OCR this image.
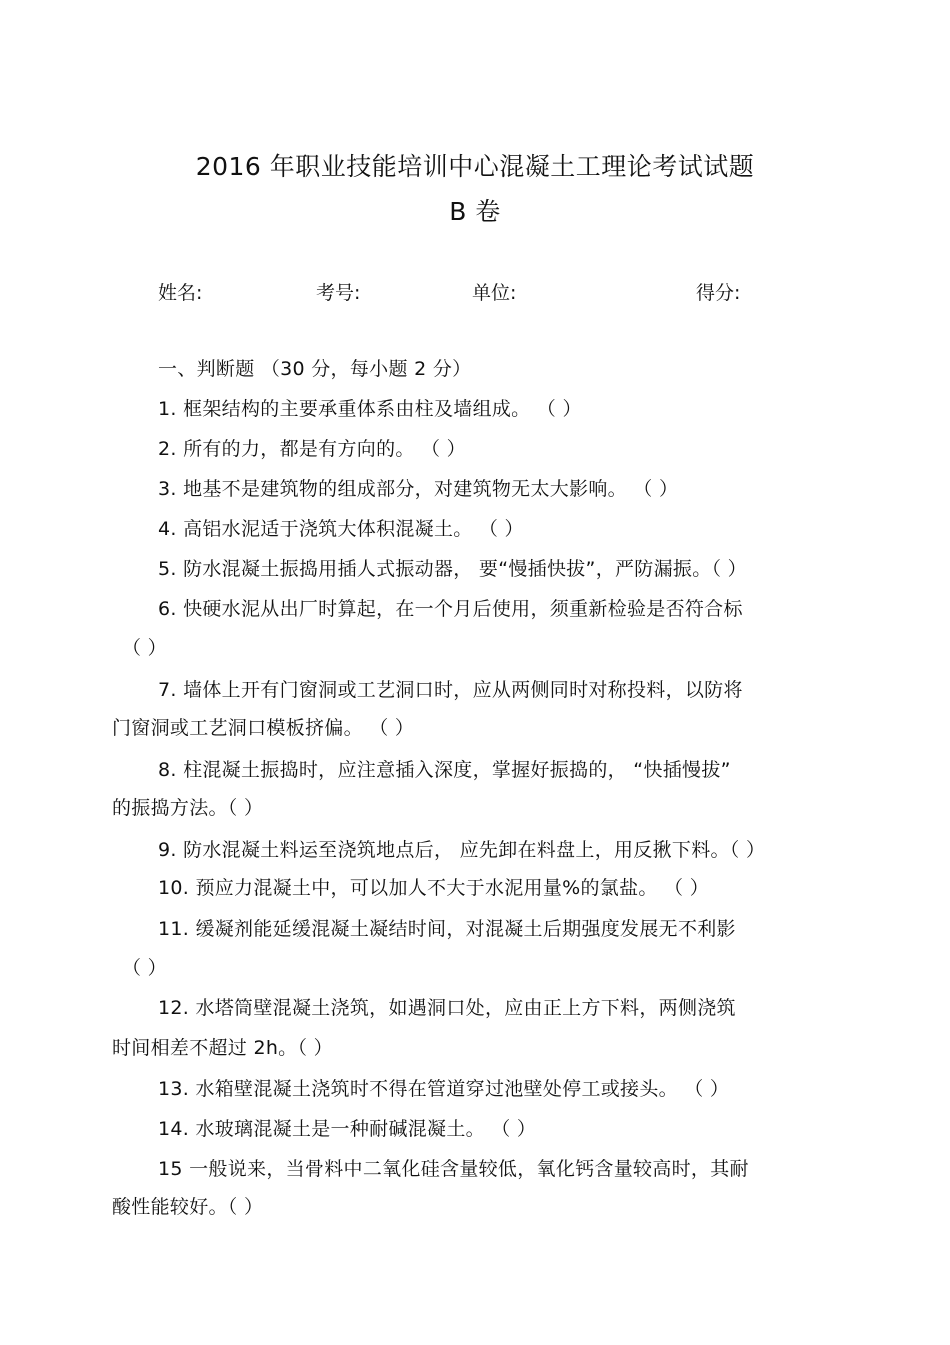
2016 年职业技能培训中心混凝土工理论考试试题
B 卷
姓名:	考号:	单位:	得分:
一、判断题 （30 分，每小题 2 分）
1. 框架结构的主要承重体系由柱及墙组成。 （ ）
2. 所有的力，都是有方向的。 （ ）
3. 地基不是建筑物的组成部分，对建筑物无太大影响。 （ ）
4. 高铝水泥适于浇筑大体积混凝土。 （ ）
5. 防水混凝土振捣用插人式振动器， 要“慢插快拔”，严防漏振。（ ）
6. 快硬水泥从出厂时算起，在一个月后使用，须重新检验是否符合标
（ ）
7. 墙体上开有门窗洞或工艺洞口时，应从两侧同时对称投料，以防将
门窗洞或工艺洞口模板挤偏。 （ ）
8. 柱混凝土振捣时，应注意插入深度，掌握好振捣的， “快插慢拔”
的振捣方法。（ ）
9. 防水混凝土料运至浇筑地点后， 应先卸在料盘上，用反揪下料。（ ）
10. 预应力混凝土中，可以加人不大于水泥用量%的氯盐。 （ ）
11. 缓凝剂能延缓混凝土凝结时间，对混凝土后期强度发展无不利影
（ ）
12. 水塔筒壁混凝土浇筑，如遇洞口处，应由正上方下料，两侧浇筑
时间相差不超过 2h。（ ）
13. 水箱壁混凝土浇筑时不得在管道穿过池壁处停工或接头。 （ ）
14. 水玻璃混凝土是一种耐碱混凝土。 （ ）
15 一般说来，当骨料中二氧化硅含量较低，氧化钙含量较高时，其耐
酸性能较好。（ ）
